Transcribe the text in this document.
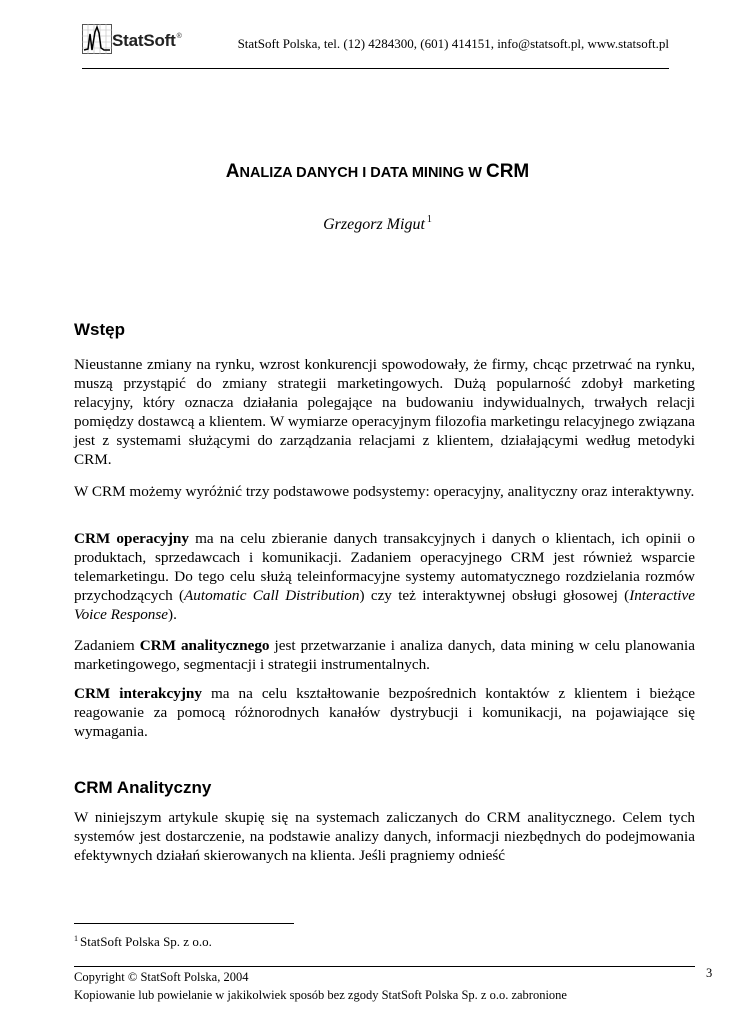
StatSoft®	StatSoft Polska, tel. (12) 4284300, (601) 414151, info@statsoft.pl, www.statsoft.pl
ANALIZA DANYCH I DATA MINING W CRM
Grzegorz Migut $^1$
Wstęp
Nieustanne zmiany na rynku, wzrost konkurencji spowodowały, że firmy, chcąc przetrwać na rynku, muszą przystąpić do zmiany strategii marketingowych. Dużą popularność zdobył marketing relacyjny, który oznacza działania polegające na budowaniu indywidualnych, trwałych relacji pomiędzy dostawcą a klientem. W wymiarze operacyjnym filozofia marketingu relacyjnego związana jest z systemami służącymi do zarządzania relacjami z klientem, działającymi według metodyki CRM.
W CRM możemy wyróżnić trzy podstawowe podsystemy: operacyjny, analityczny oraz interaktywny.
CRM operacyjny ma na celu zbieranie danych transakcyjnych i danych o klientach, ich opinii o produktach, sprzedawcach i komunikacji. Zadaniem operacyjnego CRM jest również wsparcie telemarketingu. Do tego celu służą teleinformacyjne systemy automatycznego rozdzielania rozmów przychodzących (Automatic Call Distribution) czy też interaktywnej obsługi głosowej (Interactive Voice Response).
Zadaniem CRM analitycznego jest przetwarzanie i analiza danych, data mining w celu planowania marketingowego, segmentacji i strategii instrumentalnych.
CRM interakcyjny ma na celu kształtowanie bezpośrednich kontaktów z klientem i bieżące reagowanie za pomocą różnorodnych kanałów dystrybucji i komunikacji, na pojawiające się wymagania.
CRM Analityczny
W niniejszym artykule skupię się na systemach zaliczanych do CRM analitycznego. Celem tych systemów jest dostarczenie, na podstawie analizy danych, informacji niezbędnych do podejmowania efektywnych działań skierowanych na klienta. Jeśli pragniemy odnieść
$^1$ StatSoft Polska Sp. z o.o.
Copyright © StatSoft Polska, 2004
Kopiowanie lub powielanie w jakikolwiek sposób bez zgody StatSoft Polska Sp. z o.o. zabronione
3
